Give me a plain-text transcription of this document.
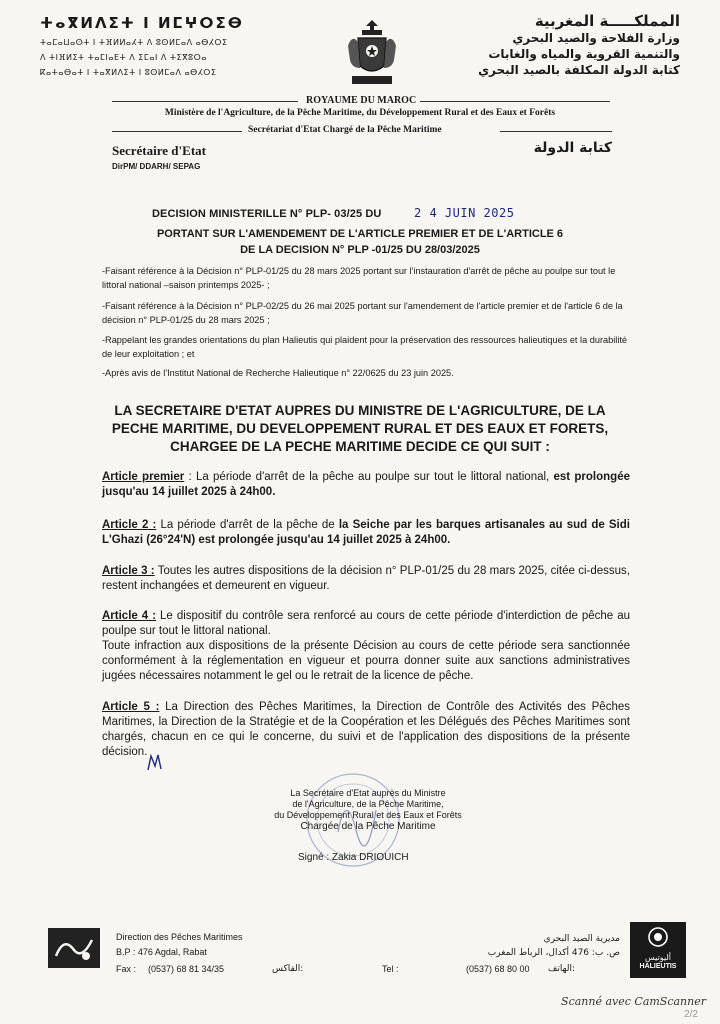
ⵜⴰⴳⵍⴷⵉⵜ ⵏ ⵍⵎⵖⵔⵉⴱ
ⵜⴰⵎⴰⵡⴰⵙⵜ ⵏ ⵜⴼⵍⵍⴰⵃⵜ ⴷ ⵓⵙⵍⵎⴰⴷ ⴰⴱⵃⵔⵉ
ⴷ ⵜⵏⴼⵍⵉⵜ ⵜⴰⵎⵏⴰⴹⵜ ⴷ ⵉⵎⴰⵏ ⴷ ⵜⵉⴳⵓⵔⴰ
ⴽⴰⵜⴰⴱⴰⵜ ⵏ ⵜⴰⴳⵍⴷⵉⵜ ⵏ ⵓⵙⵍⵎⴰⴷ ⴰⴱⵃⵔⵉ
المملكـــــة المغربية
وزارة الفلاحة والصيد البحري
والتنمية القروية والمياه والغابات
كتابة الدولة المكلفة بالصيد البحري
ROYAUME DU MAROC
Ministère de l'Agriculture, de la Pêche Maritime, du Développement Rural et des Eaux et Forêts
Secrétariat d'Etat Chargé de la Pêche Maritime
Secrétaire d'Etat
DirPM/ DDARH/ SEPAG
كتابة الدولة
DECISION MINISTERILLE N° PLP- 03/25 DU	2 4 JUIN 2025
PORTANT SUR L'AMENDEMENT DE L'ARTICLE PREMIER ET DE L'ARTICLE 6
DE LA DECISION N° PLP -01/25 DU 28/03/2025
-Faisant référence à la Décision n° PLP-01/25 du 28 mars 2025 portant sur l'instauration d'arrêt de pêche au poulpe sur tout le littoral national –saison printemps 2025- ;
-Faisant référence à la Décision n° PLP-02/25 du 26 mai 2025 portant sur l'amendement de l'article premier et de l'article 6 de la décision n° PLP-01/25 du 28 mars 2025 ;
-Rappelant les grandes orientations du plan Halieutis qui plaident pour la préservation des ressources halieutiques et la durabilité de leur exploitation ; et
-Après avis de l'Institut National de Recherche Halieutique n° 22/0625 du 23 juin 2025.
LA SECRETAIRE D'ETAT AUPRES DU MINISTRE DE L'AGRICULTURE, DE LA PECHE MARITIME, DU DEVELOPPEMENT RURAL ET DES EAUX ET FORETS, CHARGEE DE LA PECHE MARITIME DECIDE CE QUI SUIT :
Article premier : La période d'arrêt de la pêche au poulpe sur tout le littoral national, est prolongée jusqu'au 14 juillet 2025 à 24h00.
Article 2 : La période d'arrêt de la pêche de la Seiche par les barques artisanales au sud de Sidi L'Ghazi (26°24'N) est prolongée jusqu'au 14 juillet 2025 à 24h00.
Article 3 : Toutes les autres dispositions de la décision n° PLP-01/25 du 28 mars 2025, citée ci-dessus, restent inchangées et demeurent en vigueur.
Article 4 : Le dispositif du contrôle sera renforcé au cours de cette période d'interdiction de pêche au poulpe sur tout le littoral national.
Toute infraction aux dispositions de la présente Décision au cours de cette période sera sanctionnée conformément à la réglementation en vigueur et pourra donner suite aux sanctions administratives jugées nécessaires notamment le gel ou le retrait de la licence de pêche.
Article 5 : La Direction des Pêches Maritimes, la Direction de Contrôle des Activités des Pêches Maritimes, la Direction de la Stratégie et de la Coopération et les Délégués des Pêches Maritimes sont chargés, chacun en ce qui le concerne, du suivi et de l'application des dispositions de la présente décision.
La Secrétaire d'Etat auprès du Ministre
de l'Agriculture, de la Pêche Maritime,
du Développement Rural et des Eaux et Forêts
Chargée de la Pêche Maritime
Signé : Zakia DRIOUICH
Direction des Pêches Maritimes
B.P : 476 Agdal, Rabat
Fax : (0537) 68 81 34/35	الفاكس:	Tel :	(0537) 68 80 00 الهاتف:
مديرية الصيد البحري
ص. ب: 476 أكدال، الرباط المغرب	أليوتيس
HALIEUTIS
Scanné avec CamScanner
2/2
